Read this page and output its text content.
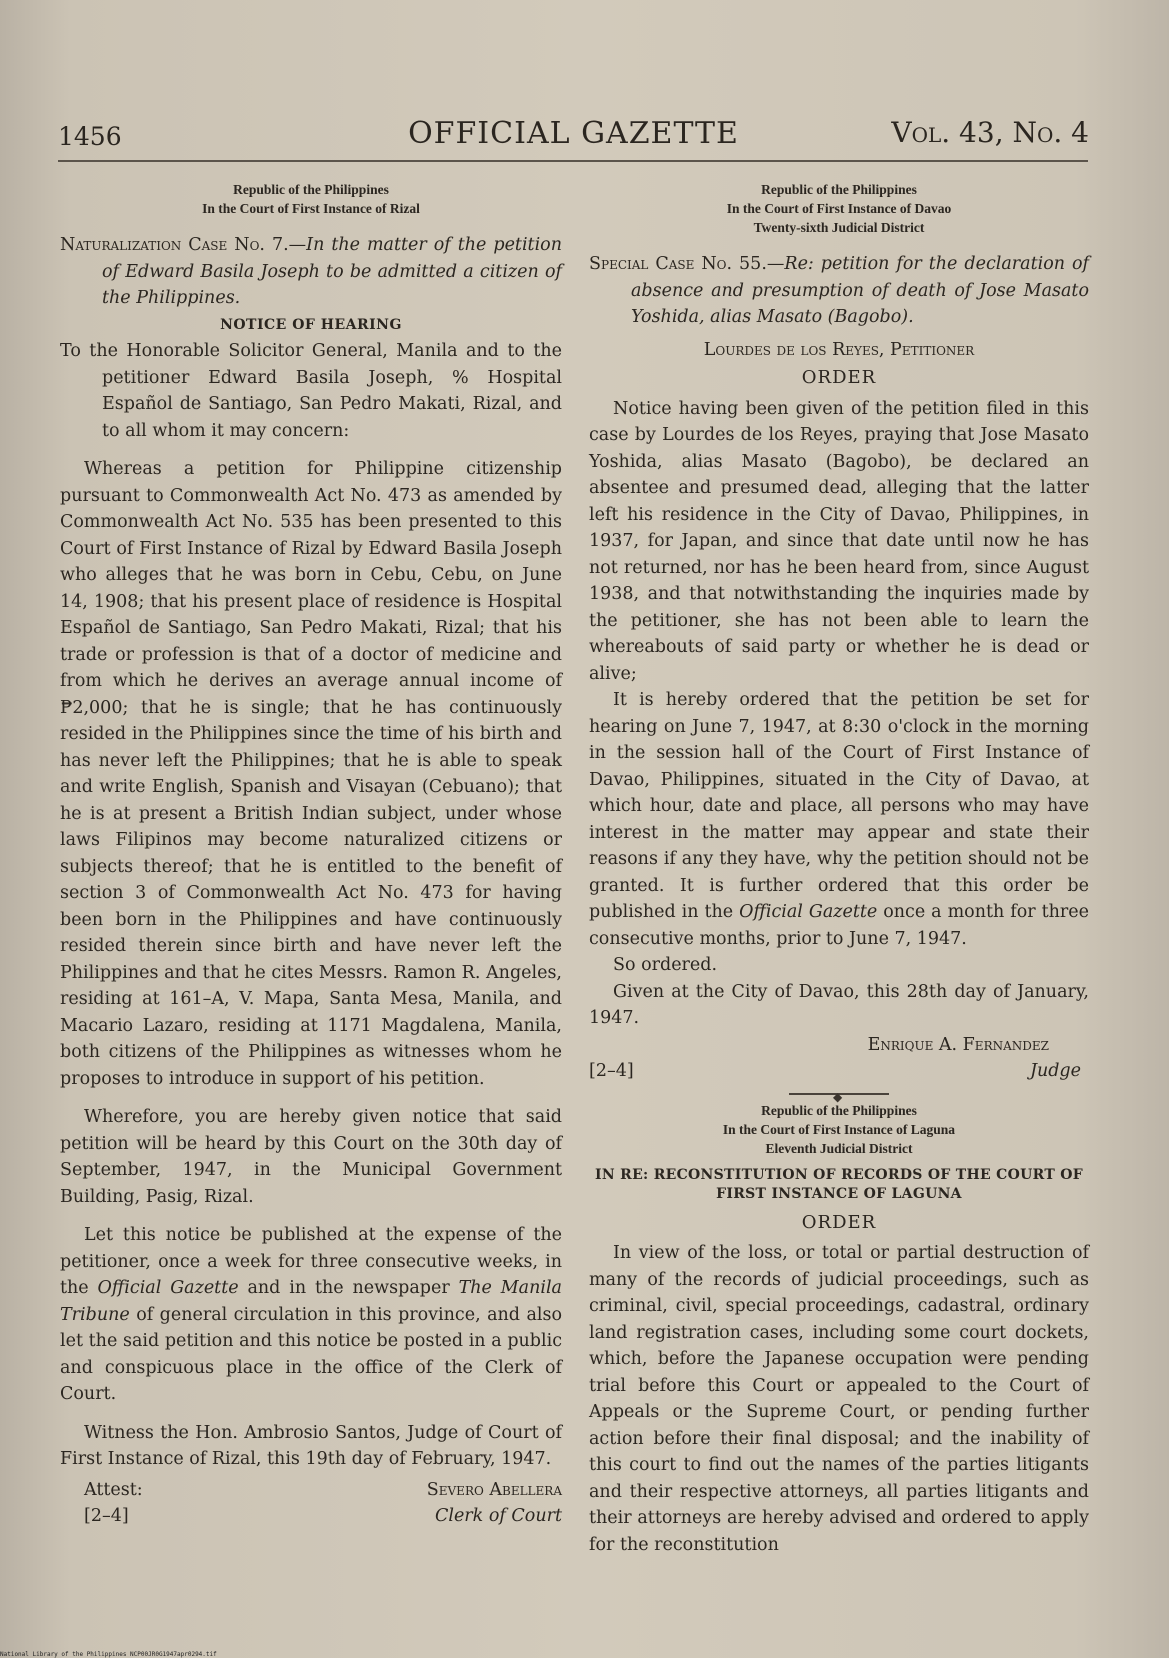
1456	OFFICIAL GAZETTE	Vol. 43, No. 4
Republic of the Philippines
In the Court of First Instance of Rizal

Naturalization Case No. 7.—In the matter of the petition of Edward Basila Joseph to be admitted a citizen of the Philippines.

NOTICE OF HEARING

To the Honorable Solicitor General, Manila and to the petitioner Edward Basila Joseph, % Hospital Español de Santiago, San Pedro Makati, Rizal, and to all whom it may concern:

Whereas a petition for Philippine citizenship pursuant to Commonwealth Act No. 473 as amended by Commonwealth Act No. 535 has been presented to this Court of First Instance of Rizal by Edward Basila Joseph who alleges that he was born in Cebu, Cebu, on June 14, 1908; that his present place of residence is Hospital Español de Santiago, San Pedro Makati, Rizal; that his trade or profession is that of a doctor of medicine and from which he derives an average annual income of ₱2,000; that he is single; that he has continuously resided in the Philippines since the time of his birth and has never left the Philippines; that he is able to speak and write English, Spanish and Visayan (Cebuano); that he is at present a British Indian subject, under whose laws Filipinos may become naturalized citizens or subjects thereof; that he is entitled to the benefit of section 3 of Commonwealth Act No. 473 for having been born in the Philippines and have continuously resided therein since birth and have never left the Philippines and that he cites Messrs. Ramon R. Angeles, residing at 161–A, V. Mapa, Santa Mesa, Manila, and Macario Lazaro, residing at 1171 Magdalena, Manila, both citizens of the Philippines as witnesses whom he proposes to introduce in support of his petition.

Wherefore, you are hereby given notice that said petition will be heard by this Court on the 30th day of September, 1947, in the Municipal Government Building, Pasig, Rizal.

Let this notice be published at the expense of the petitioner, once a week for three consecutive weeks, in the Official Gazette and in the newspaper The Manila Tribune of general circulation in this province, and also let the said petition and this notice be posted in a public and conspicuous place in the office of the Clerk of Court.

Witness the Hon. Ambrosio Santos, Judge of Court of First Instance of Rizal, this 19th day of February, 1947.

Attest:
[2–4]
Severo Abellera
Clerk of Court
Republic of the Philippines
In the Court of First Instance of Davao
Twenty-sixth Judicial District

Special Case No. 55.—Re: petition for the declaration of absence and presumption of death of Jose Masato Yoshida, alias Masato (Bagobo).

Lourdes de los Reyes, Petitioner

ORDER

Notice having been given of the petition filed in this case by Lourdes de los Reyes, praying that Jose Masato Yoshida, alias Masato (Bagobo), be declared an absentee and presumed dead, alleging that the latter left his residence in the City of Davao, Philippines, in 1937, for Japan, and since that date until now he has not returned, nor has he been heard from, since August 1938, and that notwithstanding the inquiries made by the petitioner, she has not been able to learn the whereabouts of said party or whether he is dead or alive;

It is hereby ordered that the petition be set for hearing on June 7, 1947, at 8:30 o'clock in the morning in the session hall of the Court of First Instance of Davao, Philippines, situated in the City of Davao, at which hour, date and place, all persons who may have interest in the matter may appear and state their reasons if any they have, why the petition should not be granted. It is further ordered that this order be published in the Official Gazette once a month for three consecutive months, prior to June 7, 1947.

So ordered.

Given at the City of Davao, this 28th day of January, 1947.

Enrique A. Fernandez
[2–4]	Judge
◆
Republic of the Philippines
In the Court of First Instance of Laguna
Eleventh Judicial District

IN RE: RECONSTITUTION OF RECORDS OF THE COURT OF FIRST INSTANCE OF LAGUNA

ORDER

In view of the loss, or total or partial destruction of many of the records of judicial proceedings, such as criminal, civil, special proceedings, cadastral, ordinary land registration cases, including some court dockets, which, before the Japanese occupation were pending trial before this Court or appealed to the Court of Appeals or the Supreme Court, or pending further action before their final disposal; and the inability of this court to find out the names of the parties litigants and their respective attorneys, all parties litigants and their attorneys are hereby advised and ordered to apply for the reconstitution

National Library of the Philippines NCP00JR0G1947apr0294.tif
